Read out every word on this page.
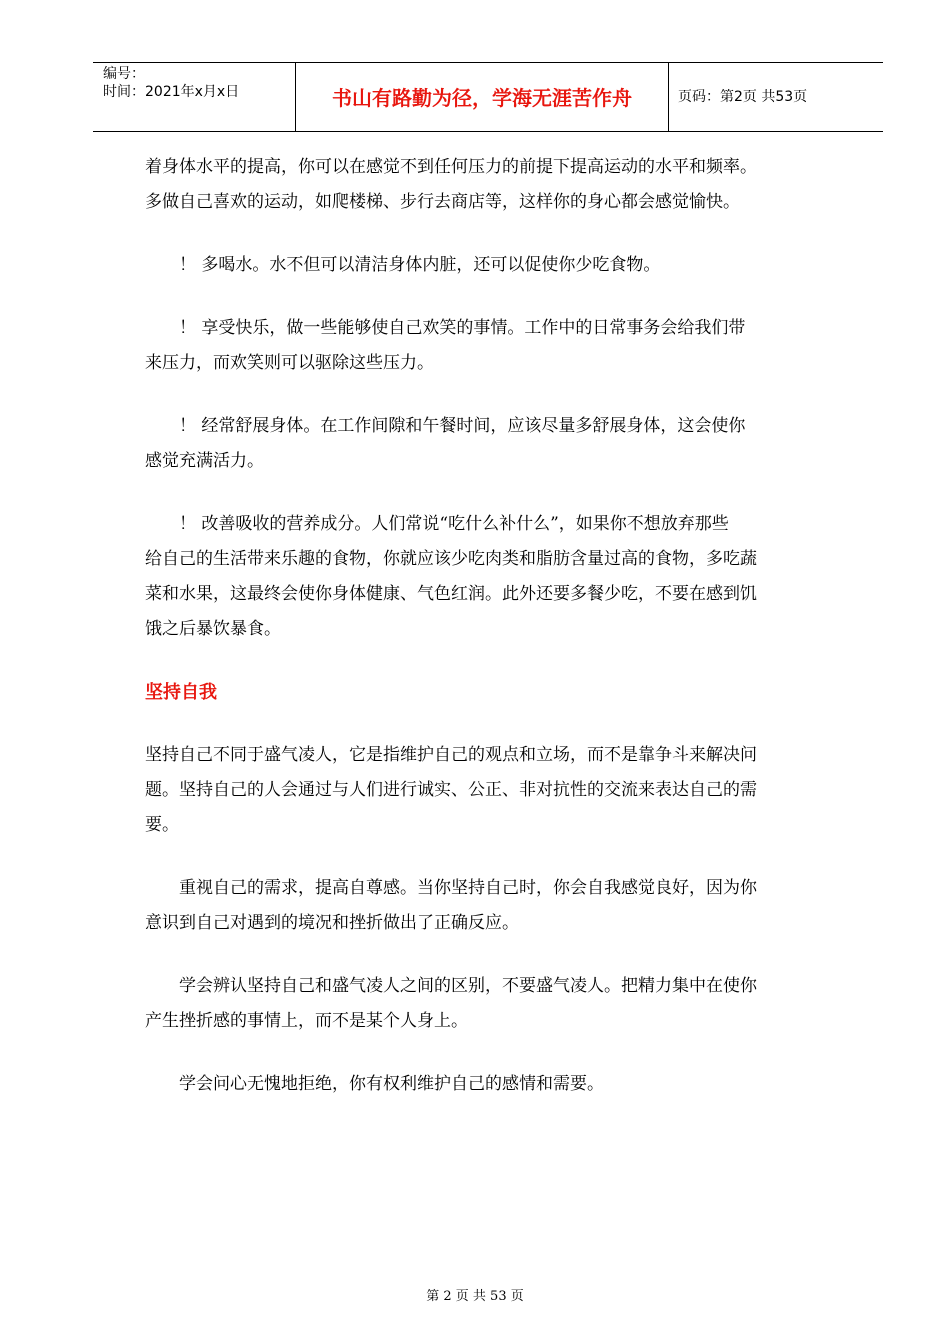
编号：
时间：2021年x月x日	书山有路勤为径，学海无涯苦作舟	页码：第2页 共53页

着身体水平的提高，你可以在感觉不到任何压力的前提下提高运动的水平和频率。

多做自己喜欢的运动，如爬楼梯、步行去商店等，这样你的身心都会感觉愉快。

！ 多喝水。水不但可以清洁身体内脏，还可以促使你少吃食物。

！ 享受快乐，做一些能够使自己欢笑的事情。工作中的日常事务会给我们带

来压力，而欢笑则可以驱除这些压力。

！ 经常舒展身体。在工作间隙和午餐时间，应该尽量多舒展身体，这会使你

感觉充满活力。

！ 改善吸收的营养成分。人们常说“吃什么补什么”，如果你不想放弃那些

给自己的生活带来乐趣的食物，你就应该少吃肉类和脂肪含量过高的食物，多吃蔬

菜和水果，这最终会使你身体健康、气色红润。此外还要多餐少吃，不要在感到饥

饿之后暴饮暴食。

坚持自我

坚持自己不同于盛气凌人，它是指维护自己的观点和立场，而不是靠争斗来解决问

题。坚持自己的人会通过与人们进行诚实、公正、非对抗性的交流来表达自己的需

要。

重视自己的需求，提高自尊感。当你坚持自己时，你会自我感觉良好，因为你

意识到自己对遇到的境况和挫折做出了正确反应。

学会辨认坚持自己和盛气凌人之间的区别，不要盛气凌人。把精力集中在使你

产生挫折感的事情上，而不是某个人身上。

学会问心无愧地拒绝，你有权利维护自己的感情和需要。

第 2 页 共 53 页
